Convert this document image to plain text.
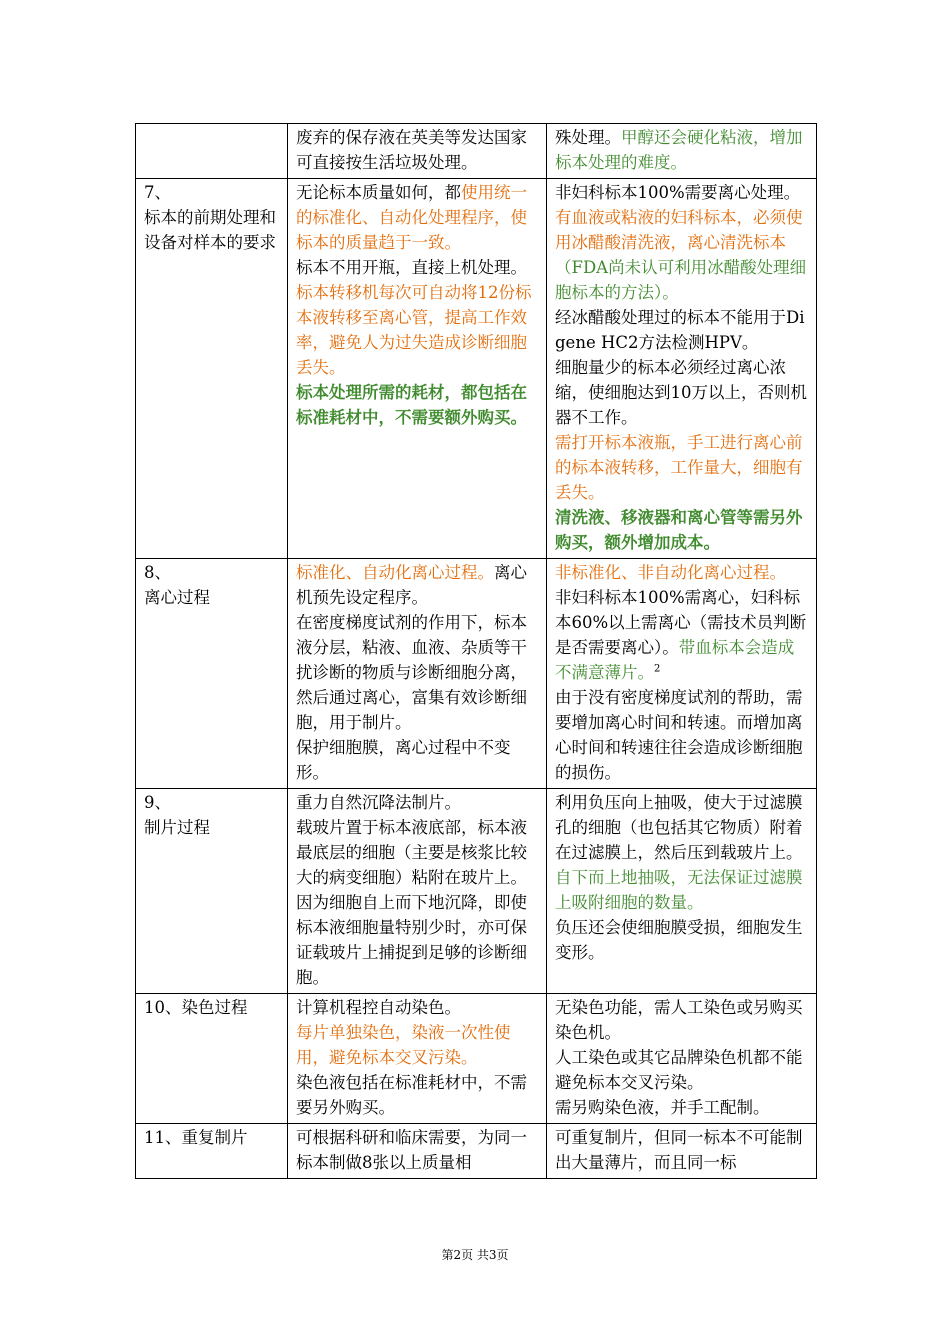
	废弃的保存液在英美等发达国家可直接按生活垃圾处理。	殊处理。甲醇还会硬化粘液，增加标本处理的难度。

7、
标本的前期处理和设备对样本的要求	无论标本质量如何，都使用统一的标准化、自动化处理程序，使标本的质量趋于一致。
标本不用开瓶，直接上机处理。
标本转移机每次可自动将12份标本液转移至离心管，提高工作效率，避免人为过失造成诊断细胞丢失。
标本处理所需的耗材，都包括在标准耗材中，不需要额外购买。	非妇科标本100%需要离心处理。有血液或粘液的妇科标本，必须使用冰醋酸清洗液，离心清洗标本（FDA尚未认可利用冰醋酸处理细胞标本的方法）。
经冰醋酸处理过的标本不能用于Digene HC2方法检测HPV。
细胞量少的标本必须经过离心浓缩，使细胞达到10万以上，否则机器不工作。
需打开标本液瓶，手工进行离心前的标本液转移，工作量大，细胞有丢失。
清洗液、移液器和离心管等需另外购买，额外增加成本。

8、
离心过程	标准化、自动化离心过程。离心机预先设定程序。
在密度梯度试剂的作用下，标本液分层，粘液、血液、杂质等干扰诊断的物质与诊断细胞分离，然后通过离心，富集有效诊断细胞，用于制片。
保护细胞膜，离心过程中不变形。	非标准化、非自动化离心过程。
非妇科标本100%需离心，妇科标本60%以上需离心（需技术员判断是否需要离心）。带血标本会造成不满意薄片。$^2$
由于没有密度梯度试剂的帮助，需要增加离心时间和转速。而增加离心时间和转速往往会造成诊断细胞的损伤。

9、
制片过程	重力自然沉降法制片。
载玻片置于标本液底部，标本液最底层的细胞（主要是核浆比较大的病变细胞）粘附在玻片上。因为细胞自上而下地沉降，即使标本液细胞量特别少时，亦可保证载玻片上捕捉到足够的诊断细胞。	利用负压向上抽吸，使大于过滤膜孔的细胞（也包括其它物质）附着在过滤膜上，然后压到载玻片上。
自下而上地抽吸，无法保证过滤膜上吸附细胞的数量。
负压还会使细胞膜受损，细胞发生变形。

10、染色过程	计算机程控自动染色。
每片单独染色，染液一次性使用，避免标本交叉污染。
染色液包括在标准耗材中，不需要另外购买。	无染色功能，需人工染色或另购买染色机。
人工染色或其它品牌染色机都不能避免标本交叉污染。
需另购染色液，并手工配制。

11、重复制片	可根据科研和临床需要，为同一标本制做8张以上质量相	可重复制片，但同一标本不可能制出大量薄片，而且同一标
第2页 共3页
